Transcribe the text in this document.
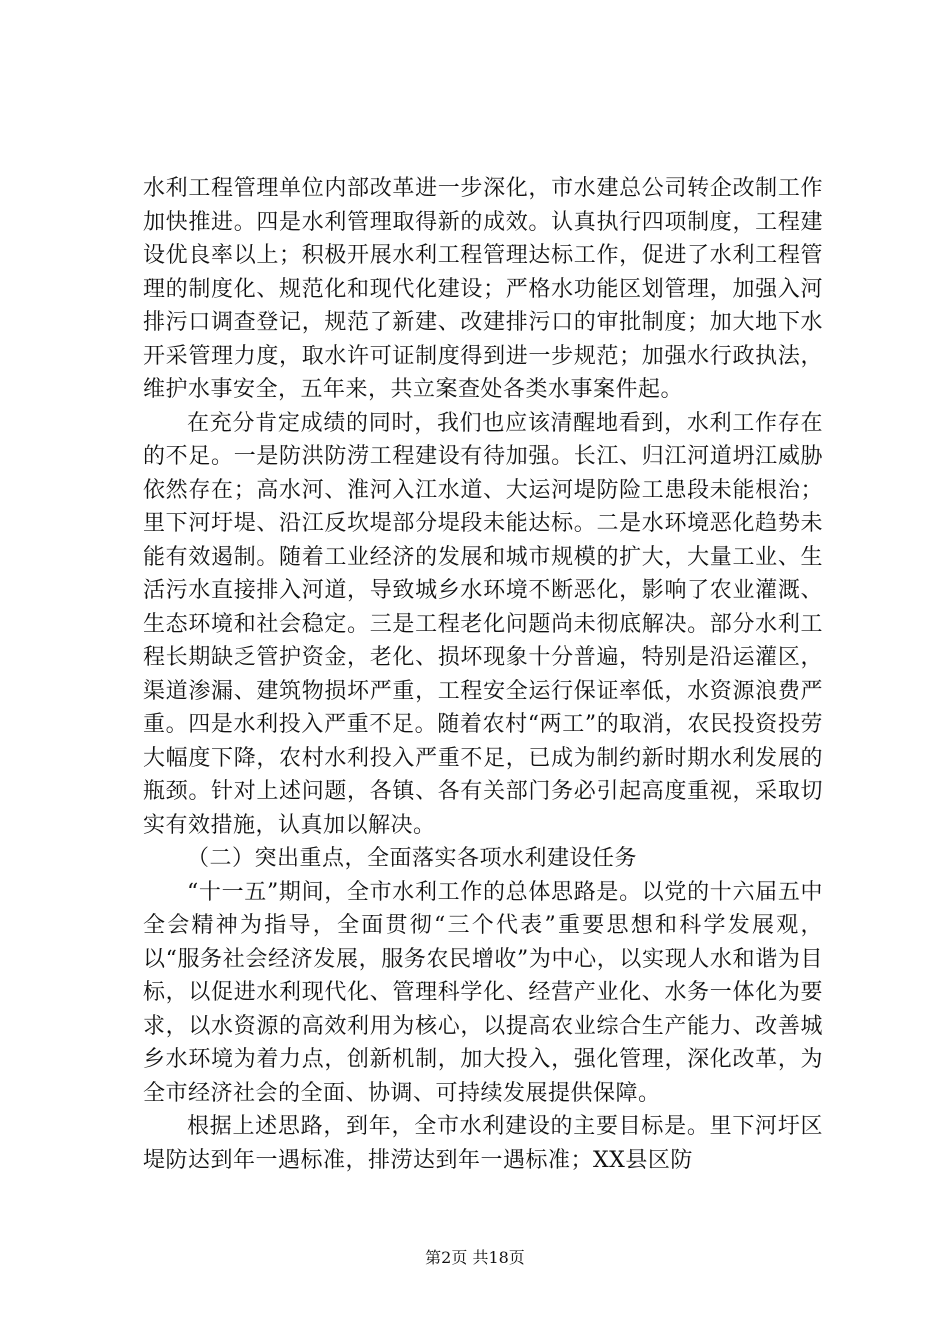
水利工程管理单位内部改革进一步深化，市水建总公司转企改制工作加快推进。四是水利管理取得新的成效。认真执行四项制度，工程建设优良率以上；积极开展水利工程管理达标工作，促进了水利工程管理的制度化、规范化和现代化建设；严格水功能区划管理，加强入河排污口调查登记，规范了新建、改建排污口的审批制度；加大地下水开采管理力度，取水许可证制度得到进一步规范；加强水行政执法，维护水事安全，五年来，共立案查处各类水事案件起。

在充分肯定成绩的同时，我们也应该清醒地看到，水利工作存在的不足。一是防洪防涝工程建设有待加强。长江、归江河道坍江威胁依然存在；高水河、淮河入江水道、大运河堤防险工患段未能根治；里下河圩堤、沿江反坎堤部分堤段未能达标。二是水环境恶化趋势未能有效遏制。随着工业经济的发展和城市规模的扩大，大量工业、生活污水直接排入河道，导致城乡水环境不断恶化，影响了农业灌溉、生态环境和社会稳定。三是工程老化问题尚未彻底解决。部分水利工程长期缺乏管护资金，老化、损坏现象十分普遍，特别是沿运灌区，渠道渗漏、建筑物损坏严重，工程安全运行保证率低，水资源浪费严重。四是水利投入严重不足。随着农村“两工”的取消，农民投资投劳大幅度下降，农村水利投入严重不足，已成为制约新时期水利发展的瓶颈。针对上述问题，各镇、各有关部门务必引起高度重视，采取切实有效措施，认真加以解决。

（二）突出重点，全面落实各项水利建设任务

“十一五”期间，全市水利工作的总体思路是。以党的十六届五中全会精神为指导，全面贯彻“三个代表”重要思想和科学发展观，以“服务社会经济发展，服务农民增收”为中心，以实现人水和谐为目标，以促进水利现代化、管理科学化、经营产业化、水务一体化为要求，以水资源的高效利用为核心，以提高农业综合生产能力、改善城乡水环境为着力点，创新机制，加大投入，强化管理，深化改革，为全市经济社会的全面、协调、可持续发展提供保障。

根据上述思路，到年，全市水利建设的主要目标是。里下河圩区堤防达到年一遇标准，排涝达到年一遇标准；XX县区防

第2页 共18页
